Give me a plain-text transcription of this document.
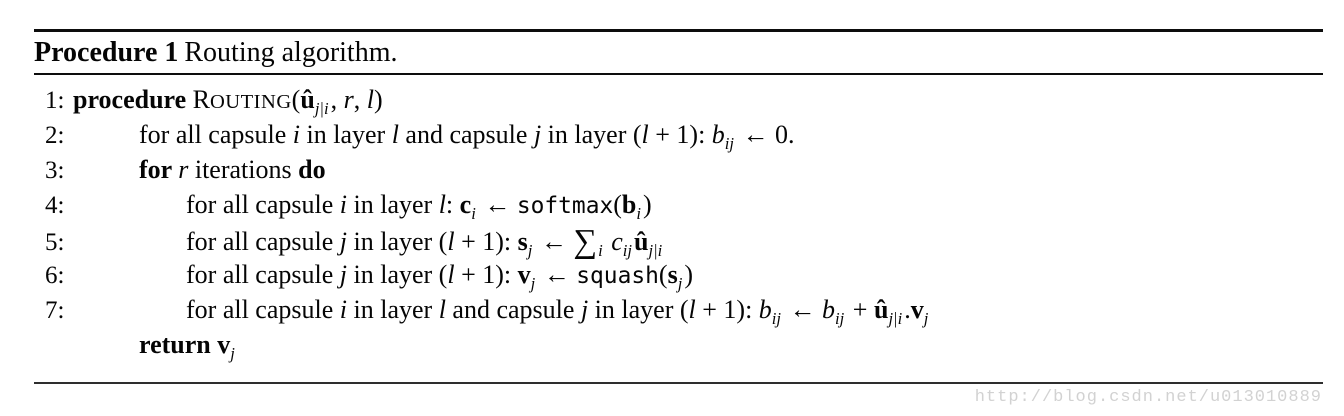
Procedure 1 Routing algorithm.
1: procedure $ROUTING(û_{j|i}$, r, l)
2:	for all capsule i in layer l and capsule j in layer (l + 1): $b_{ij}$ ← 0.
3:	for r iterations do
4:	for all capsule i in layer l: $c_i$ ← $softmax(b_i)$
5:	for all capsule j in layer (l + 1): $s_j$ ← $\sum_i$ $c_{ij}û_{j|i}$
6:	for all capsule j in layer (l + 1): $v_j$ ← $squash(s_j)$
7:	for all capsule i in layer l and capsule j in layer (l + 1): $b_{ij}$ ← $b_{ij}$ + $û_{j|i}.v_j$
return $v_j$
http://blog.csdn.net/u013010889
